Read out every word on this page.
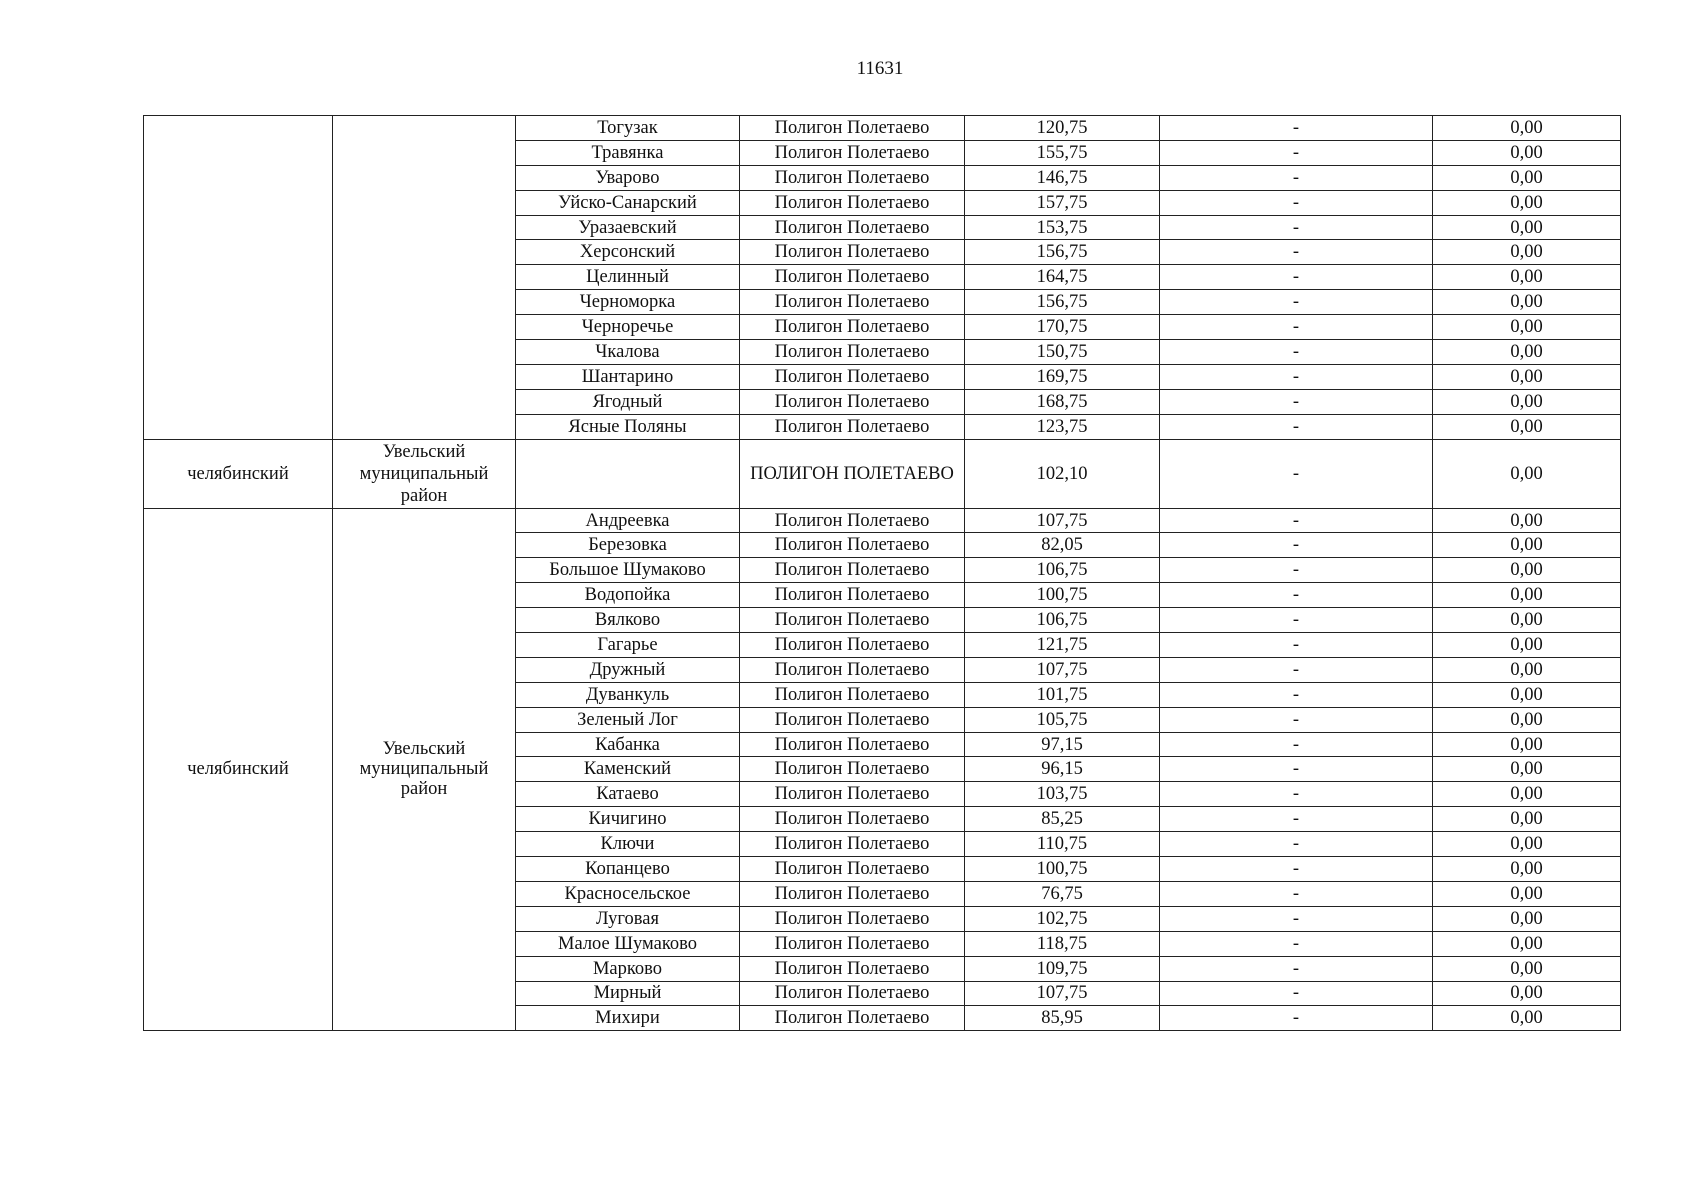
11631
		Тогузак	Полигон Полетаево	120,75	-	0,00
		Травянка	Полигон Полетаево	155,75	-	0,00
		Уварово	Полигон Полетаево	146,75	-	0,00
		Уйско-Санарский	Полигон Полетаево	157,75	-	0,00
		Уразаевский	Полигон Полетаево	153,75	-	0,00
		Херсонский	Полигон Полетаево	156,75	-	0,00
		Целинный	Полигон Полетаево	164,75	-	0,00
		Черноморка	Полигон Полетаево	156,75	-	0,00
		Черноречье	Полигон Полетаево	170,75	-	0,00
		Чкалова	Полигон Полетаево	150,75	-	0,00
		Шантарино	Полигон Полетаево	169,75	-	0,00
		Ягодный	Полигон Полетаево	168,75	-	0,00
		Ясные Поляны	Полигон Полетаево	123,75	-	0,00
челябинский	Увельский муниципальный район		ПОЛИГОН ПОЛЕТАЕВО	102,10	-	0,00
челябинский	Увельский муниципальный район	Андреевка	Полигон Полетаево	107,75	-	0,00
		Березовка	Полигон Полетаево	82,05	-	0,00
		Большое Шумаково	Полигон Полетаево	106,75	-	0,00
		Водопойка	Полигон Полетаево	100,75	-	0,00
		Вялково	Полигон Полетаево	106,75	-	0,00
		Гагарье	Полигон Полетаево	121,75	-	0,00
		Дружный	Полигон Полетаево	107,75	-	0,00
		Дуванкуль	Полигон Полетаево	101,75	-	0,00
		Зеленый Лог	Полигон Полетаево	105,75	-	0,00
		Кабанка	Полигон Полетаево	97,15	-	0,00
		Каменский	Полигон Полетаево	96,15	-	0,00
		Катаево	Полигон Полетаево	103,75	-	0,00
		Кичигино	Полигон Полетаево	85,25	-	0,00
		Ключи	Полигон Полетаево	110,75	-	0,00
		Копанцево	Полигон Полетаево	100,75	-	0,00
		Красносельское	Полигон Полетаево	76,75	-	0,00
		Луговая	Полигон Полетаево	102,75	-	0,00
		Малое Шумаково	Полигон Полетаево	118,75	-	0,00
		Марково	Полигон Полетаево	109,75	-	0,00
		Мирный	Полигон Полетаево	107,75	-	0,00
		Михири	Полигон Полетаево	85,95	-	0,00
